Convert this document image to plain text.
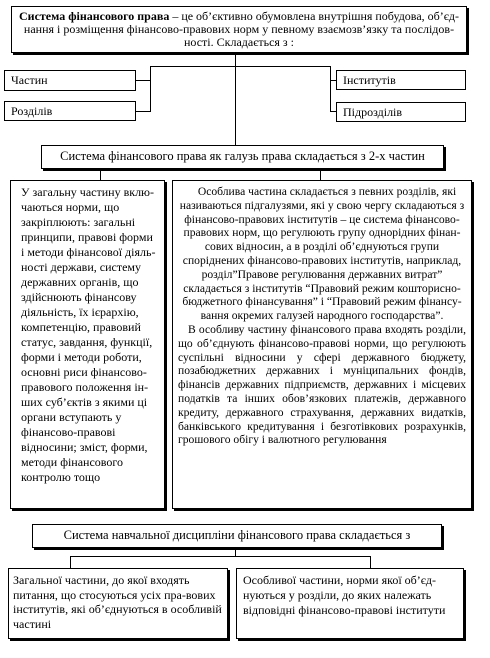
Система фінансового права – це об’єктивно обумовлена внутрішня побудова, об’єд-нання і розміщення фінансово-правових норм у певному взаємозв’язку та послідов-ності. Складається з :
Частин	Інститутів
Розділів	Підрозділів
Система фінансового права як галузь права складається з 2-х частин
У загальну частину вклю-чаються норми, що закріплюють: загальні принципи, правові форми і методи фінансової діяль-ності держави, систему державних органів, що здійснюють фінансову діяльність, їх ієрархію, компетенцію, правовий статус, завдання, функції, форми і методи роботи, основні риси фінансово-правового положення ін-ших суб’єктів з якими ці органи вступають у фінансово-правові відносини; зміст, форми, методи фінансового контролю тощо
Особлива частина складається з певних розділів, які називаються підгалузями, які у свою чергу складаються з фінансово-правових інститутів – це система фінансово-правових норм, що регулюють групу однорідних фінан-сових відносин, а в розділі об’єднуються групи споріднених фінансово-правових інститутів, наприклад, розділ”Правове регулювання державних витрат” складається з інститутів “Правовий режим кошторисно-бюджетного фінансування” і “Правовий режим фінансу-вання окремих галузей народного господарства”.
В особливу частину фінансового права входять розділи, що об’єднують фінансово-правові норми, що регулюють суспільні відносини у сфері державного бюджету, позабюджетних державних і муніципальних фондів, фінансів державних підприємств, державних і місцевих податків та інших обов’язкових платежів, державного кредиту, державного страхування, державних видатків, банківського кредитування і безготівкових розрахунків, грошового обігу і валютного регулювання
Система навчальної дисципліни фінансового права складається з
Загальної частини, до якої входять питання, що стосуються усіх пра-вових інститутів, які об’єднуються в особливій частині
Особливої частини, норми якої об’єд-нуються у розділи, до яких належать відповідні фінансово-правові інститути
